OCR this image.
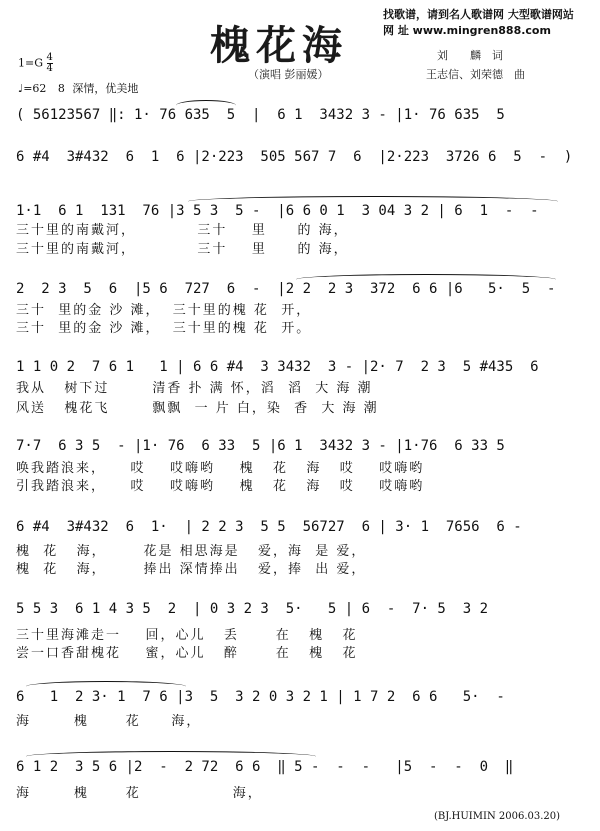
槐花海
找歌谱，请到名人歌谱网 大型歌谱网站
网 址 www.mingren888.com
刘　　麟　词
王志信、刘荣德　曲
（演唱 彭丽媛）
$1=G \frac{4}{4}$
♩=62 8 深情，优美地

( 56123567 ‖: 1· 76 635  5  |  6 1  3432 3 - |1· 76 635  5

6 #4  3#432  6  1  6 |2·223  505 567 7  6  |2·223  3726 6  5  -  )

1·1  6 1  131  76 |3 5 3  5 -  |6 6 0 1  3 04 3 2 | 6  1  -  -

三十里的南戴河，          三十    里     的 海，
三十里的南戴河，          三十    里     的 海，

2  2 3  5  6  |5 6  727  6  -  |2 2  2 3  372  6 6 |6   5·  5  -

三十  里的金 沙 滩，  三十里的槐 花  开，
三十  里的金 沙 滩，  三十里的槐 花  开。

1 1 0 2  7 6 1   1 | 6 6 #4  3 3432  3 - |2· 7  2 3  5 #435  6

我从   树下过       清香 扑 满 怀，滔  滔  大 海 潮
风送   槐花飞       飘飘  一 片 白，染  香  大 海 潮

7·7  6 3 5  - |1· 76  6 33  5 |6 1  3432 3 - |1·76  6 33 5

唤我踏浪来，    哎    哎嗨哟    槐   花   海   哎    哎嗨哟
引我踏浪来，    哎    哎嗨哟    槐   花   海   哎    哎嗨哟

6 #4  3#432  6  1·  | 2 2 3  5 5  56727  6 | 3· 1  7656  6 -

槐  花   海，      花是 相思海是   爱，海  是 爱，
槐  花   海，      捧出 深情捧出   爱，捧  出 爱，

5 5 3  6 1 4 3 5  2  | 0 3 2 3  5·   5 | 6  -  7· 5  3 2

三十里海滩走一    回，心儿   丢      在   槐   花
尝一口香甜槐花    蜜，心儿   醉      在   槐   花

6   1  2 3· 1  7 6 |3  5  3 2 0 3 2 1 | 1 7 2  6 6   5·  -

海       槐      花     海，

6 1 2  3 5 6 |2  -  2 72  6 6  ‖ 5 -  -  -   |5  -  -  0  ‖

海       槐      花               海，
(BJ.HUIMIN 2006.03.20)
